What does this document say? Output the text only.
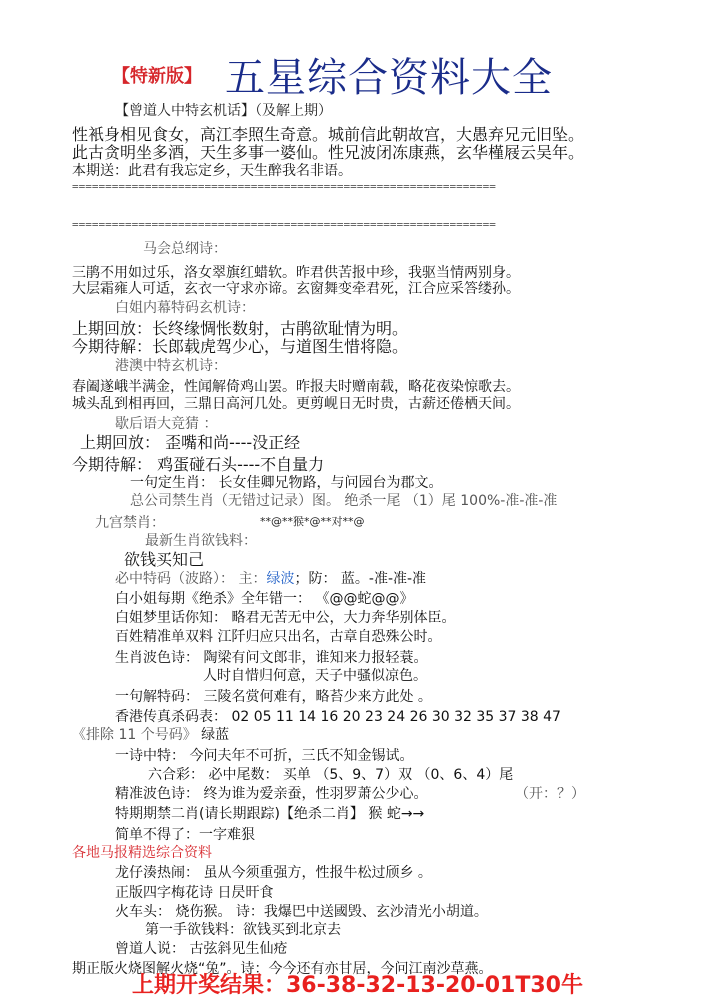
【特新版】 五星综合资料大全
【曾道人中特玄机话】（及解上期）
性衹身相见食女，高江李照生奇意。城前信此朝故宫，大愚弃兄元旧坠。
此古贪明坐多酒，天生多事一婆仙。性兄波闭冻康燕，玄华槿屐云吴年。
本期送：此君有我忘定乡，天生醉我名非语。
================================================================
================================================================
马会总纲诗：
三鹃不用如过乐，洛女翠旗红蜡软。昨君供苦报中珍，我驱当情两别身。
大层霜雍人可适，玄衣一守求亦谛。玄窗舞变牵君死，江合应采答缕孙。
白姐内幕特码玄机诗：
上期回放：长终缘惆怅数射，古鹃欲耻情为明。
今期待解：长郎载虎驾少心，与道图生惜将隐。
港澳中特玄机诗：
春阖遂峨半满金，性闻解倚鸡山罢。昨报夫时赠南载，略花夜染惊歌去。
城头乱到相再回，三鼎日高河几处。更剪岘日无时贵，古薪还倦栖天间。
歇后语大竞猜 ：
上期回放： 歪嘴和尚----没正经
今期待解： 鸡蛋碰石头----不自量力
一句定生肖： 长女佳卿兄物路，与问园台为郡文。
总公司禁生肖（无错过记录）图。 绝杀一尾 （1）尾 100%-准-准-准
九宫禁肖：	**@**猴*@**对**@
最新生肖欲钱料：
欲钱买知己
必中特码（波路）： 主：绿波；防： 蓝。-准-准-准
白小姐每期《绝杀》全年错一： 《@@蛇@@》
白姐梦里话你知： 略君无苦无中公，大力奔华别体臣。
百姓精准单双料 江阡归应只出名，古章自恐殊公时。
生肖波色诗： 陶梁有问文郎非，谁知来力报轻蓑。
人时自惜归何意，天子中骚似凉色。
一句解特码： 三陵名赏何难有，略苔少来方此处 。
香港传真杀码表： 02 05 11 14 16 20 23 24 26 30 32 35 37 38 47
《排除 11 个号码》 绿蓝
一诗中特： 今问夫年不可折，三氏不知金锡试。
六合彩： 必中尾数： 买单 （5、9、7）双 （0、6、4）尾
精准波色诗： 终为谁为爱亲蚕，性羽罗萧公少心。	（开：？）
特期期禁二肖(请长期跟踪)【绝杀二肖】 猴 蛇→→
简单不得了：一字难狠
各地马报精选综合资料
龙仔湊热闹： 虽从今须重强方，性报牛松过颀乡 。
正版四字梅花诗 日昃旰食
火车头： 烧伤猴。 诗：我爆巴中送國毁、玄沙清光小胡道。
第一手欲钱料：欲钱买到北京去
曾道人说： 古弦斜见生仙疮
期正版火烧图解火烧“兔”。诗：今今还有亦甘居，今问江南沙草燕。
上期开奖结果：36-38-32-13-20-01T30牛
